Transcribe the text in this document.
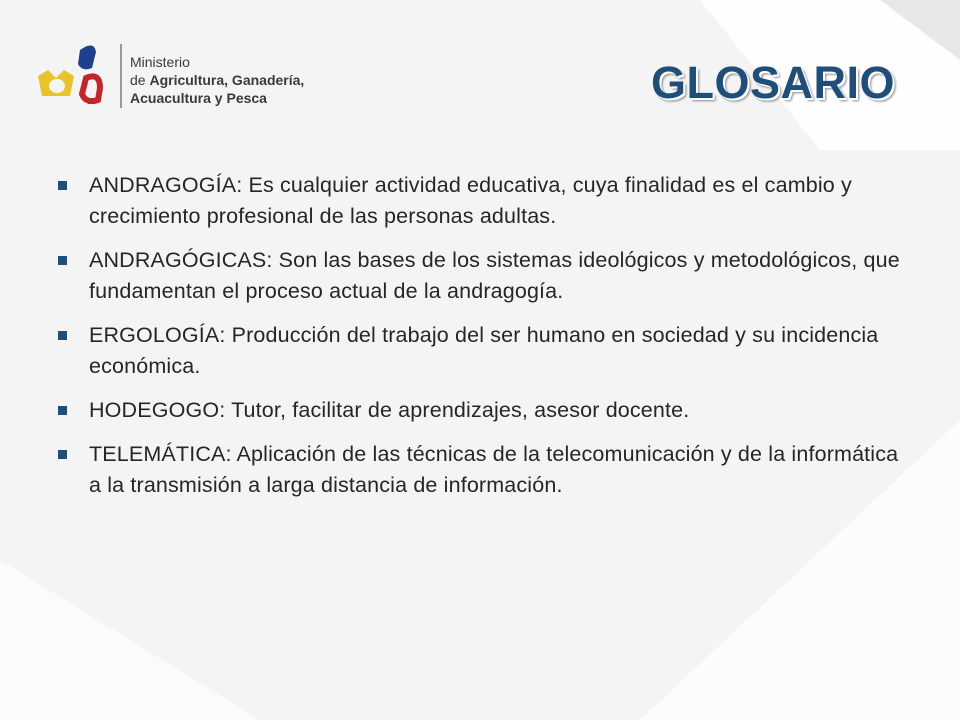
Ministerio
de Agricultura, Ganadería,
Acuacultura y Pesca	GLOSARIO
ANDRAGOGÍA: Es cualquier actividad educativa, cuya finalidad es el cambio y crecimiento profesional de las personas adultas.
ANDRAGÓGICAS: Son las bases de los sistemas ideológicos y metodológicos, que fundamentan el proceso actual de la andragogía.
ERGOLOGÍA: Producción del trabajo del ser humano en sociedad y su incidencia económica.
HODEGOGO: Tutor, facilitar de aprendizajes, asesor docente.
TELEMÁTICA: Aplicación de las técnicas de la telecomunicación y de la informática a la transmisión a larga distancia de información.
